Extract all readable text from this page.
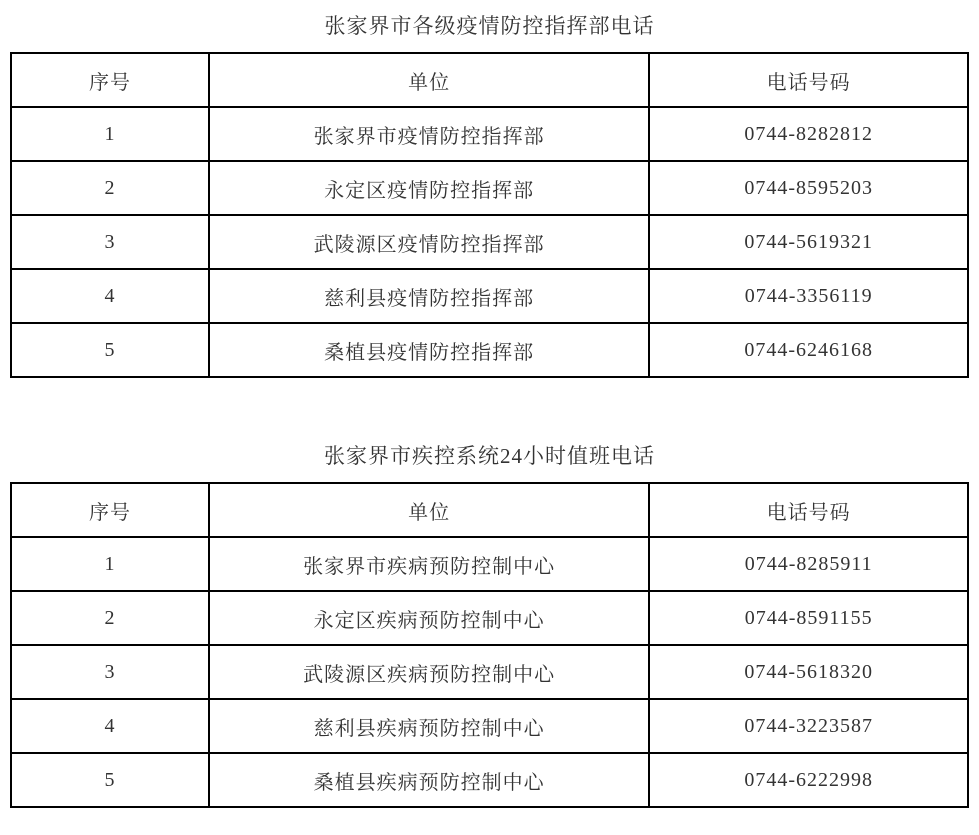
张家界市各级疫情防控指挥部电话
序号	单位	电话号码
1	张家界市疫情防控指挥部	0744-8282812
2	永定区疫情防控指挥部	0744-8595203
3	武陵源区疫情防控指挥部	0744-5619321
4	慈利县疫情防控指挥部	0744-3356119
5	桑植县疫情防控指挥部	0744-6246168
张家界市疾控系统24小时值班电话
序号	单位	电话号码
1	张家界市疾病预防控制中心	0744-8285911
2	永定区疾病预防控制中心	0744-8591155
3	武陵源区疾病预防控制中心	0744-5618320
4	慈利县疾病预防控制中心	0744-3223587
5	桑植县疾病预防控制中心	0744-6222998
